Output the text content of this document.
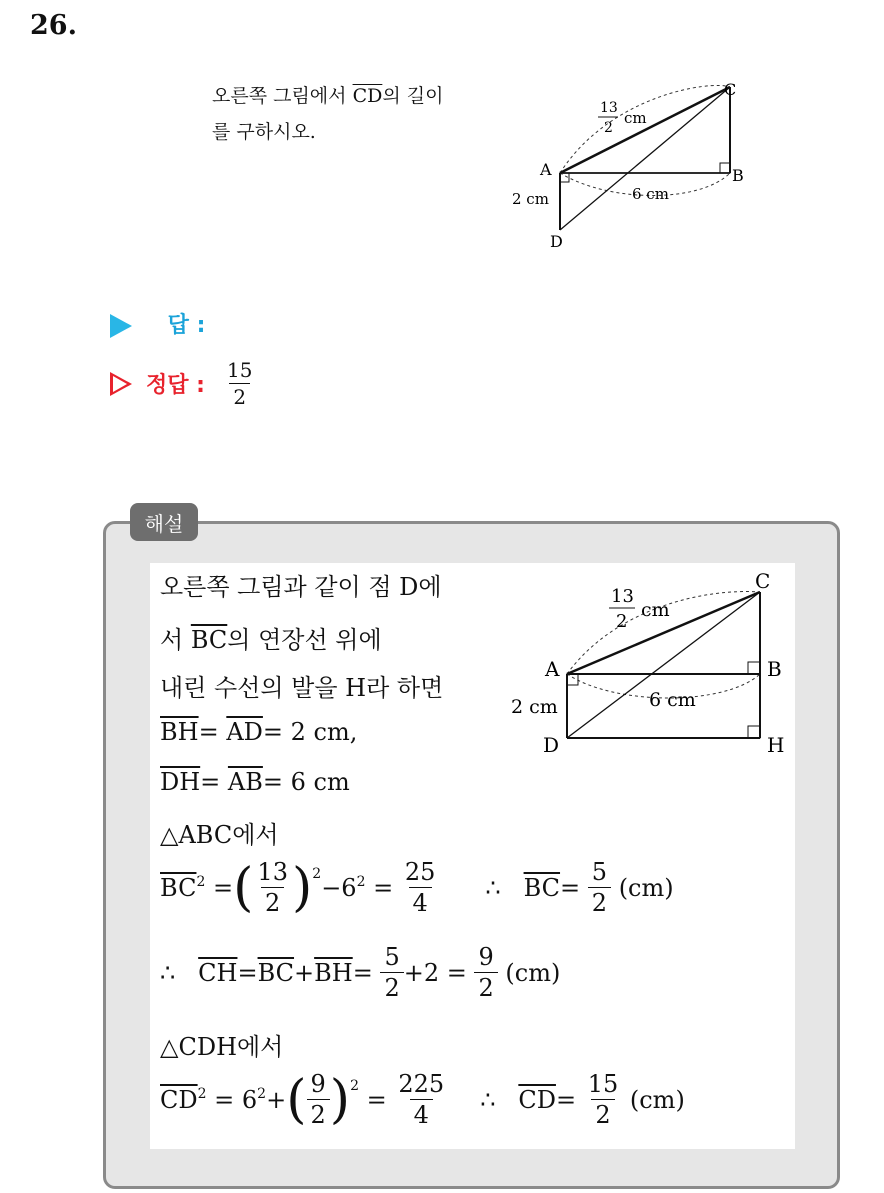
26.
오른쪽 그림에서 $\overline{CD}$의 길이
를 구하시오.
A	B
C
D
13
2
cm
2 cm	6 cm
답 :
정답 : $\frac{15}{2}$
해설
오른쪽 그림과 같이 점 D에
서 $\overline{BC}$의 연장선 위에
내린 수선의 발을 H라 하면
$\overline{BH}= \overline{AD}= 2$ cm,
$\overline{DH}= \overline{AB}= 6$ cm
△ABC에서
$\overline{BC}^2$ = ( $\frac{13}{2} )^2 -6_2 = \frac{25}{4}$ ∴ $\overline{BC} = \frac{5}{2} (cm)$
∴ $\overline{CH} = \overline{BC} + \overline{BH} = \frac{5}{2} +2 = \frac{9}{2} (cm)$
△CDH에서
$\overline{CD}^2 = 6$ 2 + ( $\frac{9}{2} )^2 = \frac{225}{4}$ ∴ $\overline{CD} = \frac{15}{2} (cm)$
A	B
C
D	H
13
2
cm
2 cm	6 cm
